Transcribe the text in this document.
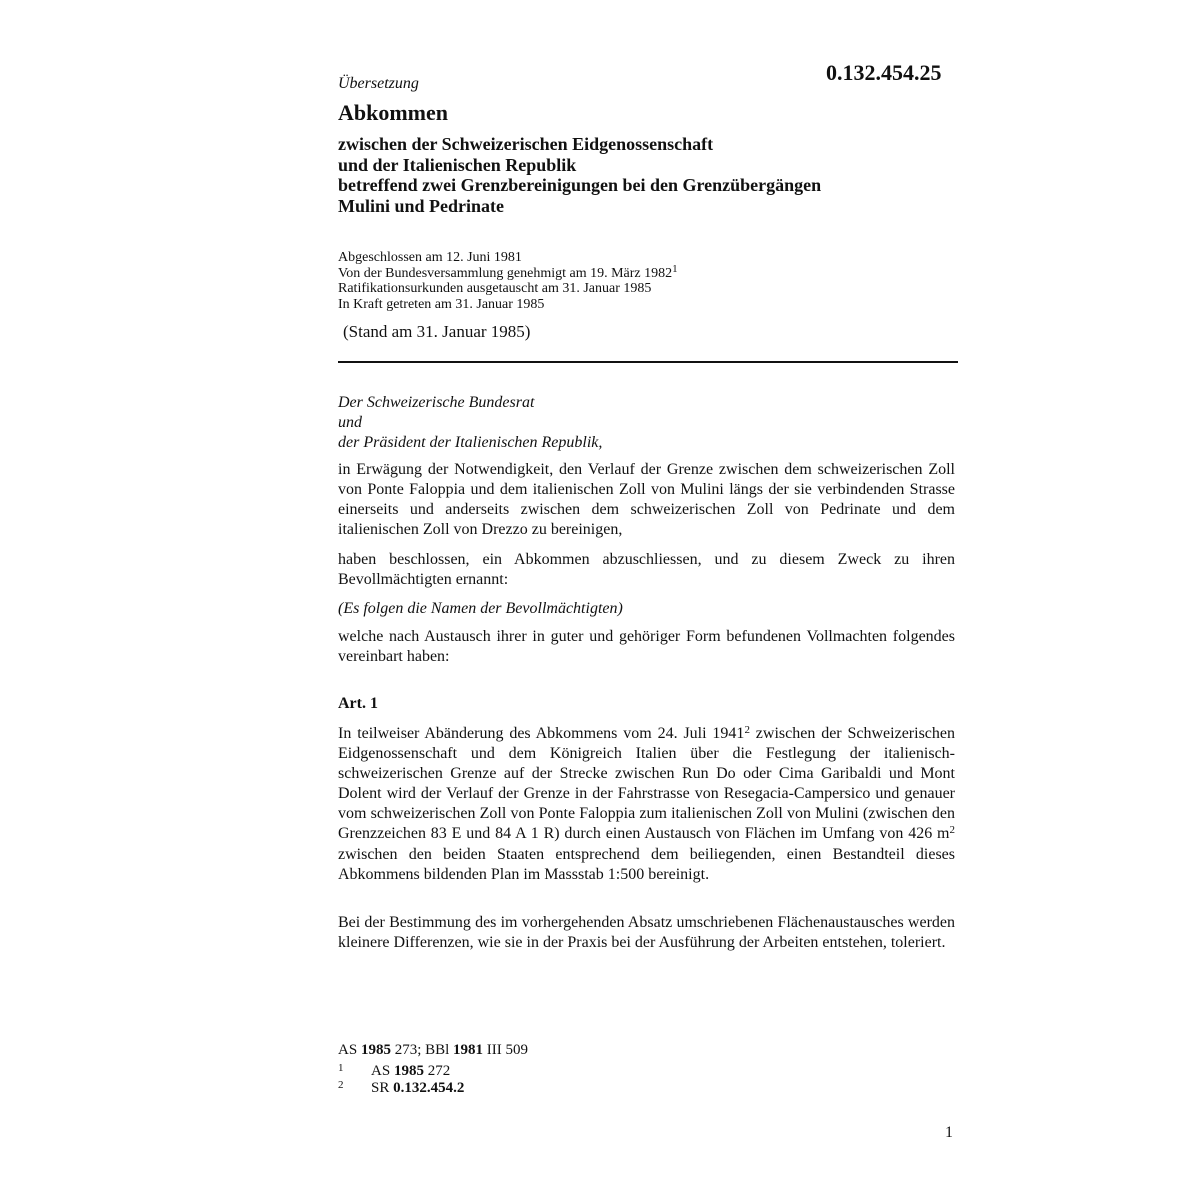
0.132.454.25
Übersetzung
Abkommen
zwischen der Schweizerischen Eidgenossenschaft
und der Italienischen Republik
betreffend zwei Grenzbereinigungen bei den Grenzübergängen
Mulini und Pedrinate
Abgeschlossen am 12. Juni 1981
Von der Bundesversammlung genehmigt am 19. März 1982$^1$
Ratifikationsurkunden ausgetauscht am 31. Januar 1985
In Kraft getreten am 31. Januar 1985
(Stand am 31. Januar 1985)
Der Schweizerische Bundesrat
und
der Präsident der Italienischen Republik,
in Erwägung der Notwendigkeit, den Verlauf der Grenze zwischen dem schweizerischen Zoll von Ponte Faloppia und dem italienischen Zoll von Mulini längs der sie verbindenden Strasse einerseits und anderseits zwischen dem schweizerischen Zoll von Pedrinate und dem italienischen Zoll von Drezzo zu bereinigen,
haben beschlossen, ein Abkommen abzuschliessen, und zu diesem Zweck zu ihren Bevollmächtigten ernannt:
(Es folgen die Namen der Bevollmächtigten)
welche nach Austausch ihrer in guter und gehöriger Form befundenen Vollmachten folgendes vereinbart haben:
Art. 1
In teilweiser Abänderung des Abkommens vom 24. Juli 1941$^2$ zwischen der Schweizerischen Eidgenossenschaft und dem Königreich Italien über die Festlegung der italienisch-schweizerischen Grenze auf der Strecke zwischen Run Do oder Cima Garibaldi und Mont Dolent wird der Verlauf der Grenze in der Fahrstrasse von Resegacia-Campersico und genauer vom schweizerischen Zoll von Ponte Faloppia zum italienischen Zoll von Mulini (zwischen den Grenzzeichen 83 E und 84 A 1 R) durch einen Austausch von Flächen im Umfang von 426 $m^2$ zwischen den beiden Staaten entsprechend dem beiliegenden, einen Bestandteil dieses Abkommens bildenden Plan im Massstab 1:500 bereinigt.
Bei der Bestimmung des im vorhergehenden Absatz umschriebenen Flächenaustausches werden kleinere Differenzen, wie sie in der Praxis bei der Ausführung der Arbeiten entstehen, toleriert.
AS 1985 273; BBl 1981 III 509
1 AS 1985 272
2 SR 0.132.454.2
1
